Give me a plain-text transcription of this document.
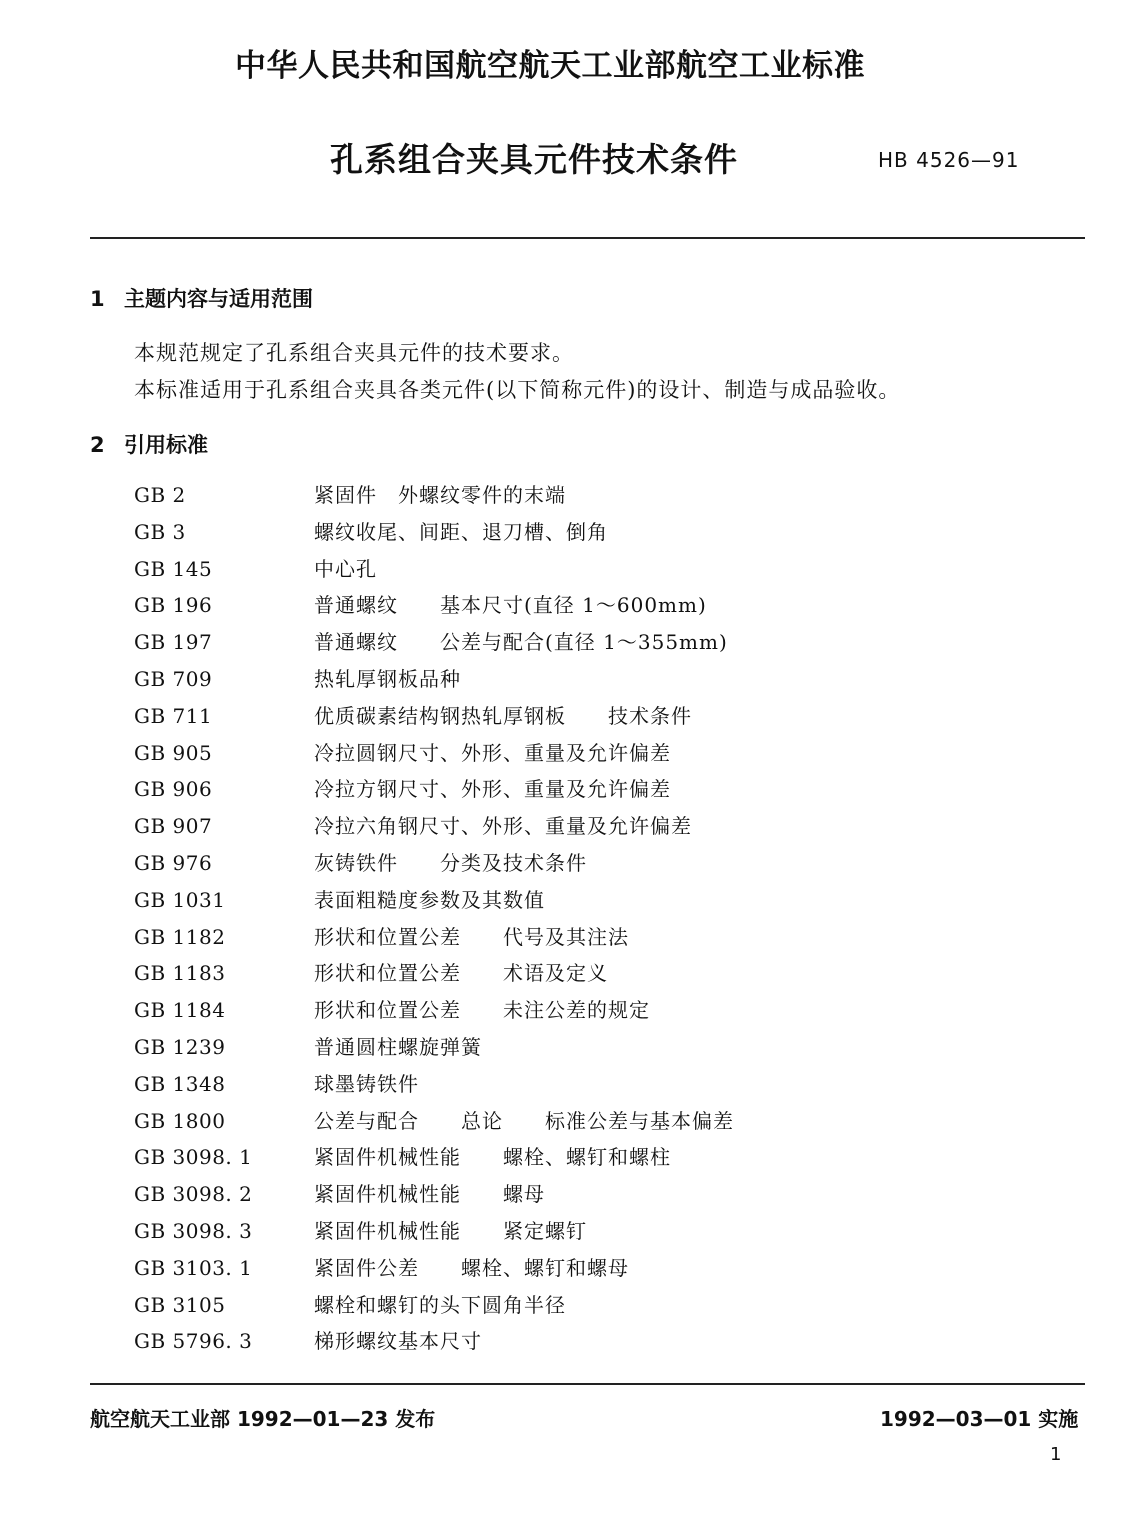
中华人民共和国航空航天工业部航空工业标准
孔系组合夹具元件技术条件	HB 4526—91
1 主题内容与适用范围
本规范规定了孔系组合夹具元件的技术要求。
本标准适用于孔系组合夹具各类元件(以下简称元件)的设计、制造与成品验收。
2 引用标准
GB 2	紧固件　外螺纹零件的末端
GB 3	螺纹收尾、间距、退刀槽、倒角
GB 145	中心孔
GB 196	普通螺纹　　基本尺寸(直径 1～600mm)
GB 197	普通螺纹　　公差与配合(直径 1～355mm)
GB 709	热轧厚钢板品种
GB 711	优质碳素结构钢热轧厚钢板　　技术条件
GB 905	冷拉圆钢尺寸、外形、重量及允许偏差
GB 906	冷拉方钢尺寸、外形、重量及允许偏差
GB 907	冷拉六角钢尺寸、外形、重量及允许偏差
GB 976	灰铸铁件　　分类及技术条件
GB 1031	表面粗糙度参数及其数值
GB 1182	形状和位置公差　　代号及其注法
GB 1183	形状和位置公差　　术语及定义
GB 1184	形状和位置公差　　未注公差的规定
GB 1239	普通圆柱螺旋弹簧
GB 1348	球墨铸铁件
GB 1800	公差与配合　　总论　　标准公差与基本偏差
GB 3098. 1	紧固件机械性能　　螺栓、螺钉和螺柱
GB 3098. 2	紧固件机械性能　　螺母
GB 3098. 3	紧固件机械性能　　紧定螺钉
GB 3103. 1	紧固件公差　　螺栓、螺钉和螺母
GB 3105	螺栓和螺钉的头下圆角半径
GB 5796. 3	梯形螺纹基本尺寸
航空航天工业部 1992—01—23 发布	1992—03—01 实施
1
